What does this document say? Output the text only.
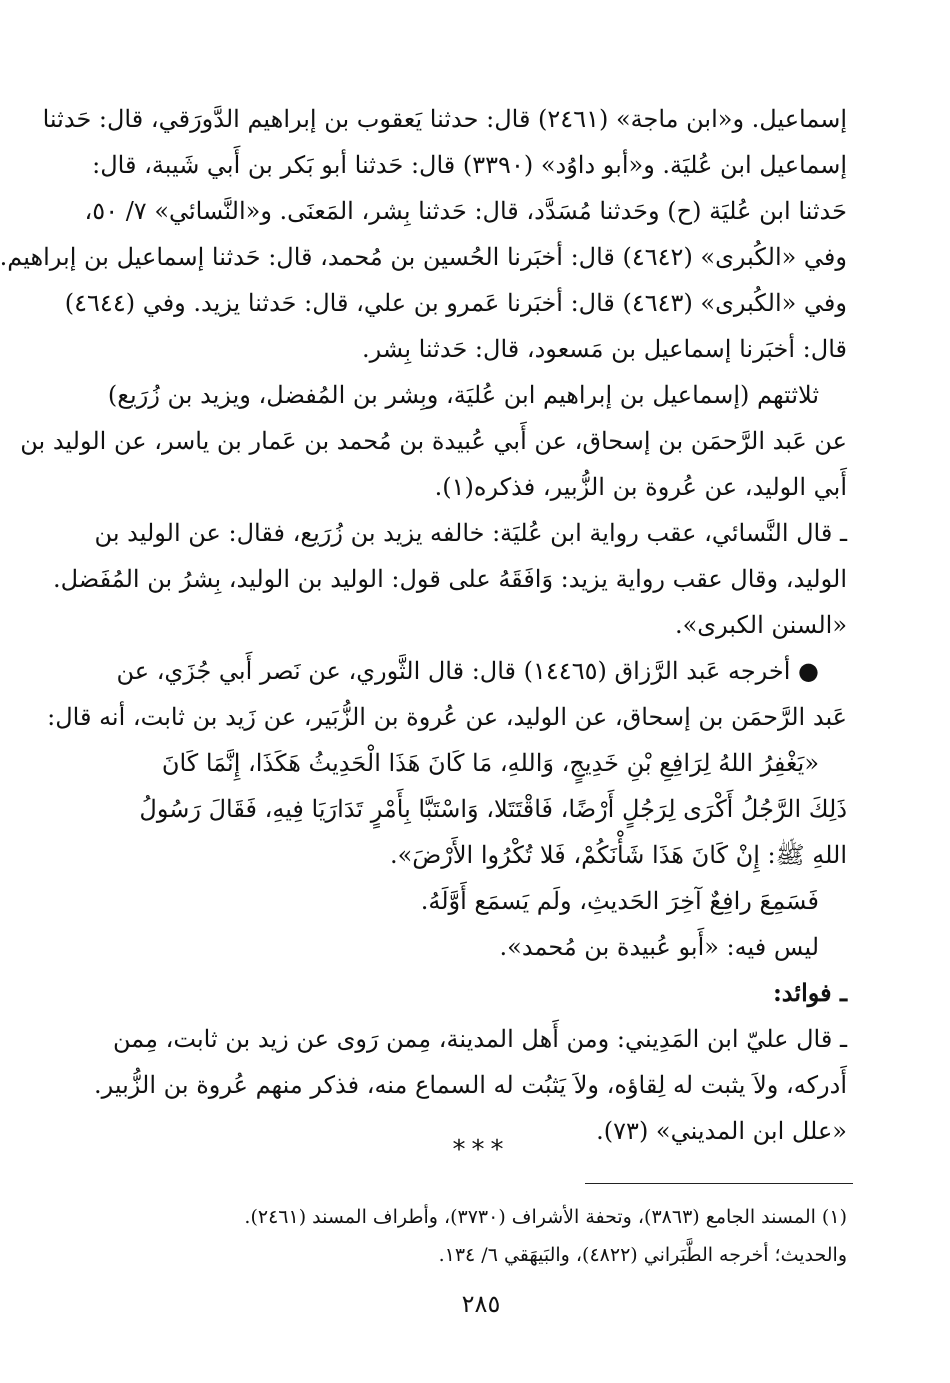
إسماعيل. و«ابن ماجة» (٢٤٦١) قال: حدثنا يَعقوب بن إبراهيم الدَّورَقي، قال: حَدثنا
إسماعيل ابن عُليَة. و«أبو داوُد» (٣٣٩٠) قال: حَدثنا أبو بَكر بن أَبي شَيبة، قال:
حَدثنا ابن عُليَة (ح) وحَدثنا مُسَدَّد، قال: حَدثنا بِشر، المَعنَى. و«النَّسائي» ٧/ ٥٠،
وفي «الكُبرى» (٤٦٤٢) قال: أخبَرنا الحُسين بن مُحمد، قال: حَدثنا إسماعيل بن إبراهيم.
وفي «الكُبرى» (٤٦٤٣) قال: أخبَرنا عَمرو بن علي، قال: حَدثنا يزيد. وفي (٤٦٤٤)
قال: أخبَرنا إسماعيل بن مَسعود، قال: حَدثنا بِشر.
ثلاثتهم (إسماعيل بن إبراهيم ابن عُليَة، وبِشر بن المُفضل، ويزيد بن زُرَيع)
عن عَبد الرَّحمَن بن إسحاق، عن أَبي عُبيدة بن مُحمد بن عَمار بن ياسر، عن الوليد بن
أَبي الوليد، عن عُروة بن الزُّبير، فذكره(١).
ـ قال النَّسائي، عقب رواية ابن عُليَة: خالفه يزيد بن زُرَيع، فقال: عن الوليد بن
الوليد، وقال عقب رواية يزيد: وَافَقَهُ على قول: الوليد بن الوليد، بِشرُ بن المُفَضل.
«السنن الكبرى».
● أخرجه عَبد الرَّزاق (١٤٤٦٥) قال: قال الثَّوري، عن نَصر أَبي جُزَي، عن
عَبد الرَّحمَن بن إسحاق، عن الوليد، عن عُروة بن الزُّبَير، عن زَيد بن ثابت، أنه قال:
«يَغْفِرُ اللهُ لِرَافِعِ بْنِ خَدِيجٍ، وَاللهِ، مَا كَانَ هَذَا الْحَدِيثُ هَكَذَا، إِنَّمَا كَانَ
ذَلِكَ الرَّجُلُ أَكْرَى لِرَجُلٍ أَرْضًا، فَاقْتَتَلا، وَاسْتَبَّا بِأَمْرٍ تَدَارَيَا فِيهِ، فَقَالَ رَسُولُ
اللهِ ﷺ: إِنْ كَانَ هَذَا شَأْنَكُمْ، فَلا تُكْرُوا الأَرْضَ».
فَسَمِعَ رافِعٌ آخِرَ الحَديثِ، ولَم يَسمَع أَوَّلَهُ.
ليس فيه: «أَبو عُبيدة بن مُحمد».
ـ فوائد:
ـ قال عليّ ابن المَدِيني: ومن أَهل المدينة، مِمن رَوى عن زيد بن ثابت، مِمن
أَدركه، ولاَ يثبت له لِقاؤه، ولاَ يَثبُت له السماع منه، فذكر منهم عُروة بن الزُّبير.
«علل ابن المديني» (٧٣).
***
(١) المسند الجامع (٣٨٦٣)، وتحفة الأشراف (٣٧٣٠)، وأطراف المسند (٢٤٦١).
والحديث؛ أخرجه الطَّبَراني (٤٨٢٢)، والبَيهَقي ٦/ ١٣٤.
٢٨٥
